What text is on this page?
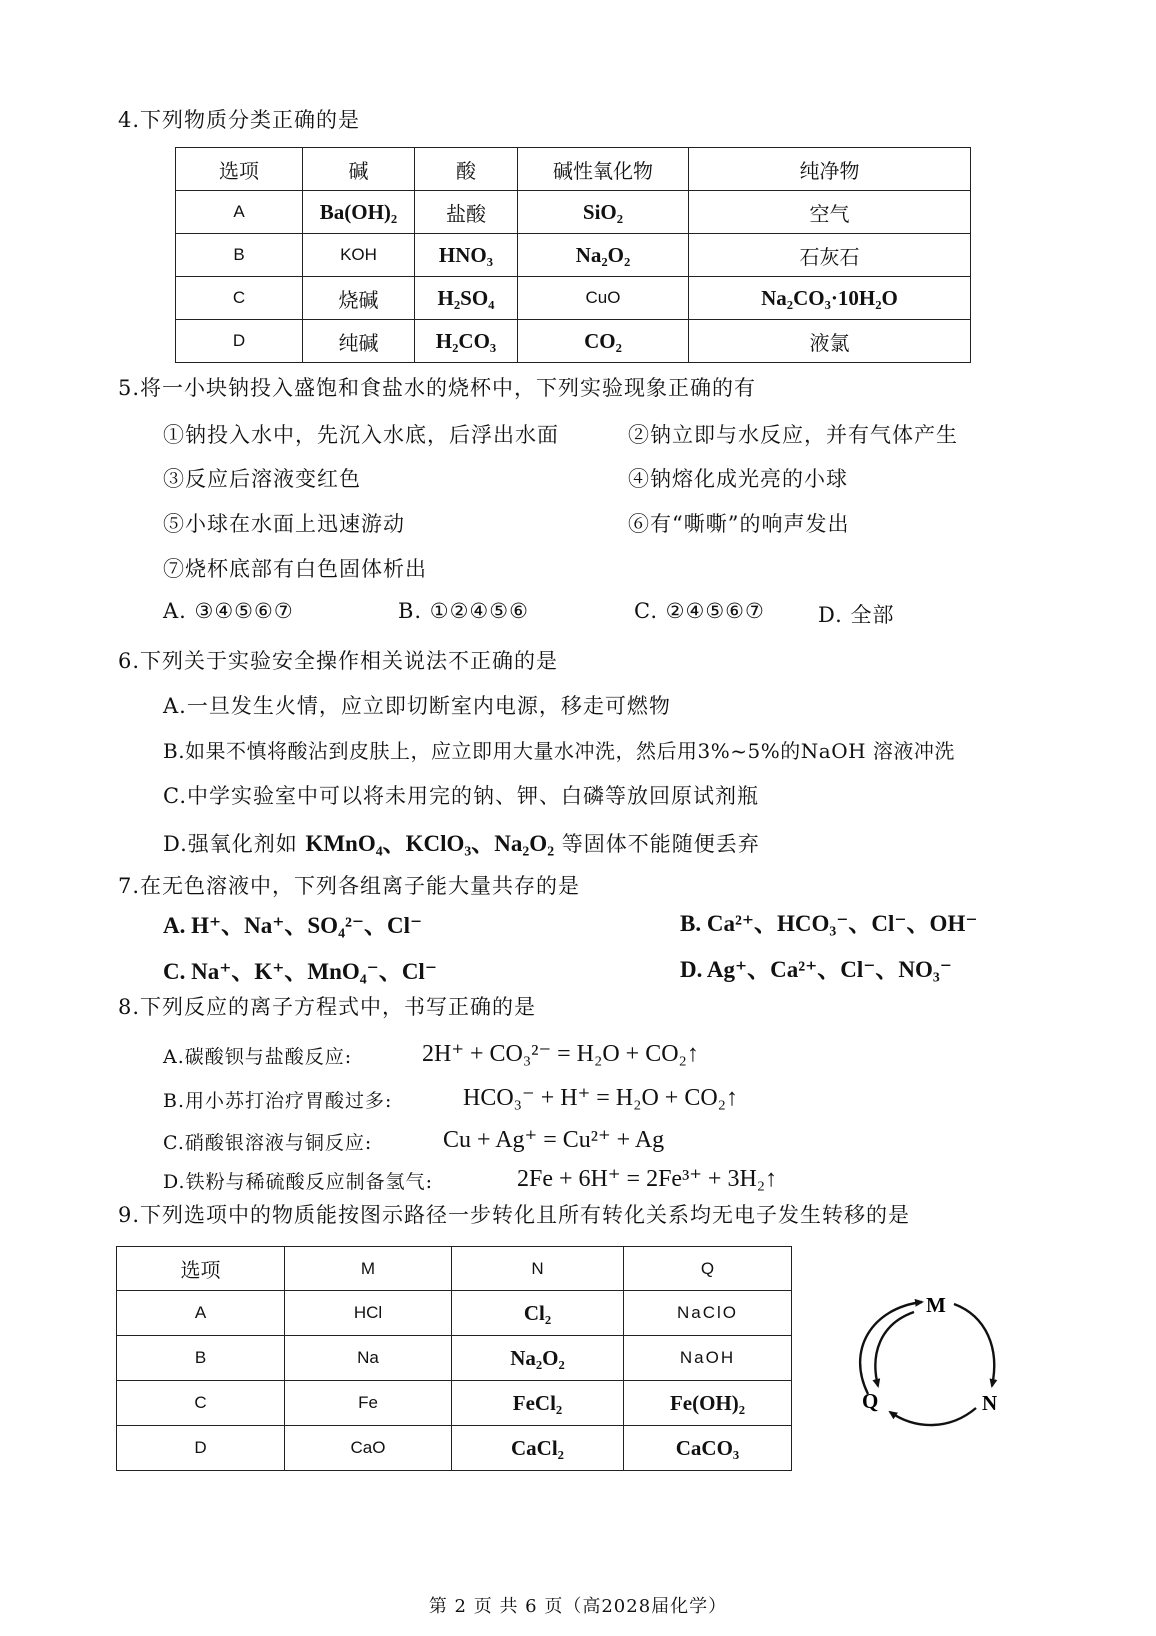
4.下列物质分类正确的是
选项	碱	酸	碱性氧化物	纯净物
A	Ba(OH)₂	盐酸	SiO₂	空气
B	KOH	HNO₃	Na₂O₂	石灰石
C	烧碱	H₂SO₄	CuO	Na₂CO₃·10H₂O
D	纯碱	H₂CO₃	CO₂	液氯
5.将一小块钠投入盛饱和食盐水的烧杯中，下列实验现象正确的有
①钠投入水中，先沉入水底，后浮出水面	②钠立即与水反应，并有气体产生
③反应后溶液变红色	④钠熔化成光亮的小球
⑤小球在水面上迅速游动	⑥有“嘶嘶”的响声发出
⑦烧杯底部有白色固体析出
A. ③④⑤⑥⑦	B. ①②④⑤⑥	C. ②④⑤⑥⑦	D. 全部
6.下列关于实验安全操作相关说法不正确的是
A.一旦发生火情，应立即切断室内电源，移走可燃物
B.如果不慎将酸沾到皮肤上，应立即用大量水冲洗，然后用3%~5%的NaOH 溶液冲洗
C.中学实验室中可以将未用完的钠、钾、白磷等放回原试剂瓶
D.强氧化剂如 KMnO₄、KClO₃、Na₂O₂ 等固体不能随便丢弃
7.在无色溶液中，下列各组离子能大量共存的是
A. H⁺、Na⁺、SO₄²⁻、Cl⁻	B. Ca²⁺、HCO₃⁻、Cl⁻、OH⁻
C. Na⁺、K⁺、MnO₄⁻、Cl⁻	D. Ag⁺、Ca²⁺、Cl⁻、NO₃⁻
8.下列反应的离子方程式中，书写正确的是
A.碳酸钡与盐酸反应:	2H⁺ + CO₃²⁻ = H₂O + CO₂↑
B.用小苏打治疗胃酸过多:	HCO₃⁻ + H⁺ = H₂O + CO₂↑
C.硝酸银溶液与铜反应:	Cu + Ag⁺ = Cu²⁺ + Ag
D.铁粉与稀硫酸反应制备氢气:	2Fe + 6H⁺ = 2Fe³⁺ + 3H₂↑
9.下列选项中的物质能按图示路径一步转化且所有转化关系均无电子发生转移的是
选项	M	N	Q
A	HCl	Cl₂	NaClO
B	Na	Na₂O₂	NaOH
C	Fe	FeCl₂	Fe(OH)₂
D	CaO	CaCl₂	CaCO₃
M
Q	N
第 2 页 共 6 页（高2028届化学）
